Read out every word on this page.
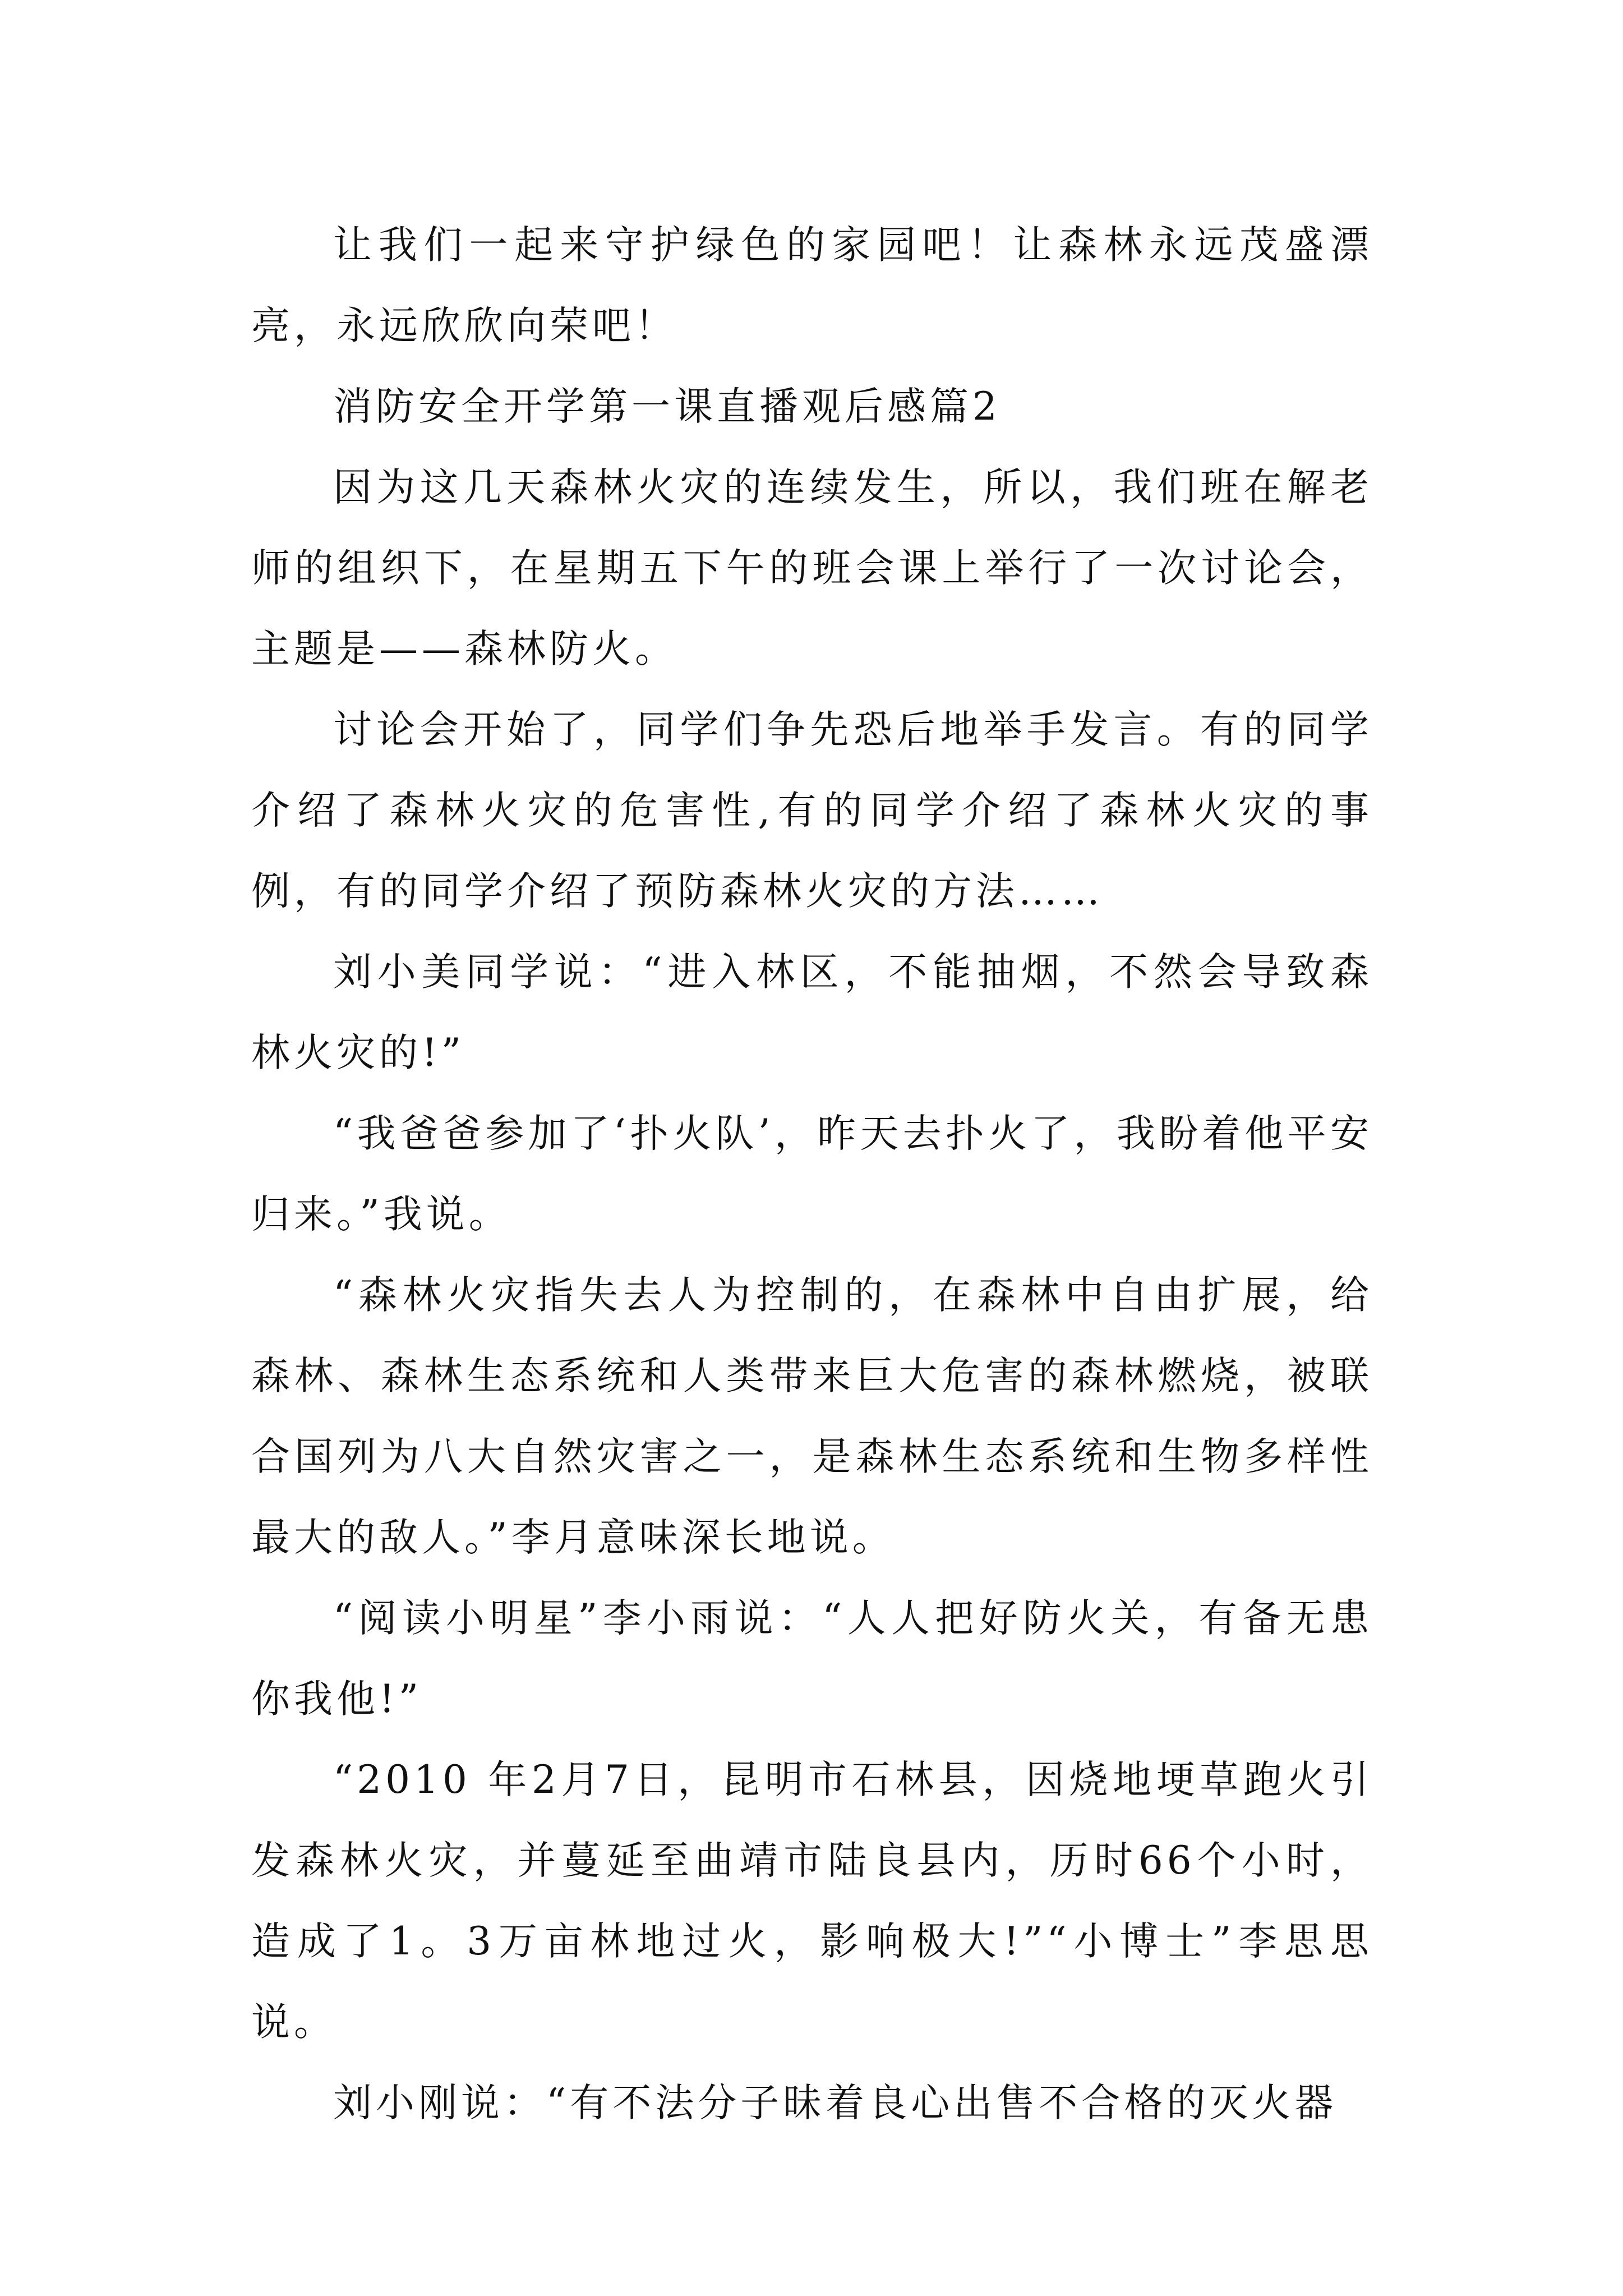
让我们一起来守护绿色的家园吧！让森林永远茂盛漂亮，永远欣欣向荣吧！

消防安全开学第一课直播观后感篇2

因为这几天森林火灾的连续发生，所以，我们班在解老师的组织下，在星期五下午的班会课上举行了一次讨论会，主题是——森林防火。

讨论会开始了，同学们争先恐后地举手发言。有的同学介绍了森林火灾的危害性,有的同学介绍了森林火灾的事例，有的同学介绍了预防森林火灾的方法……

刘小美同学说：“进入林区，不能抽烟，不然会导致森林火灾的!”

“我爸爸参加了‘扑火队’，昨天去扑火了，我盼着他平安归来。”我说。

“森林火灾指失去人为控制的，在森林中自由扩展，给森林、森林生态系统和人类带来巨大危害的森林燃烧，被联合国列为八大自然灾害之一，是森林生态系统和生物多样性最大的敌人。”李月意味深长地说。

“阅读小明星”李小雨说：“人人把好防火关，有备无患你我他!”

“2010 年2月7日，昆明市石林县，因烧地埂草跑火引发森林火灾，并蔓延至曲靖市陆良县内，历时66个小时，造成了1。3万亩林地过火，影响极大!”“小博士”李思思说。

刘小刚说：“有不法分子昧着良心出售不合格的灭火器
